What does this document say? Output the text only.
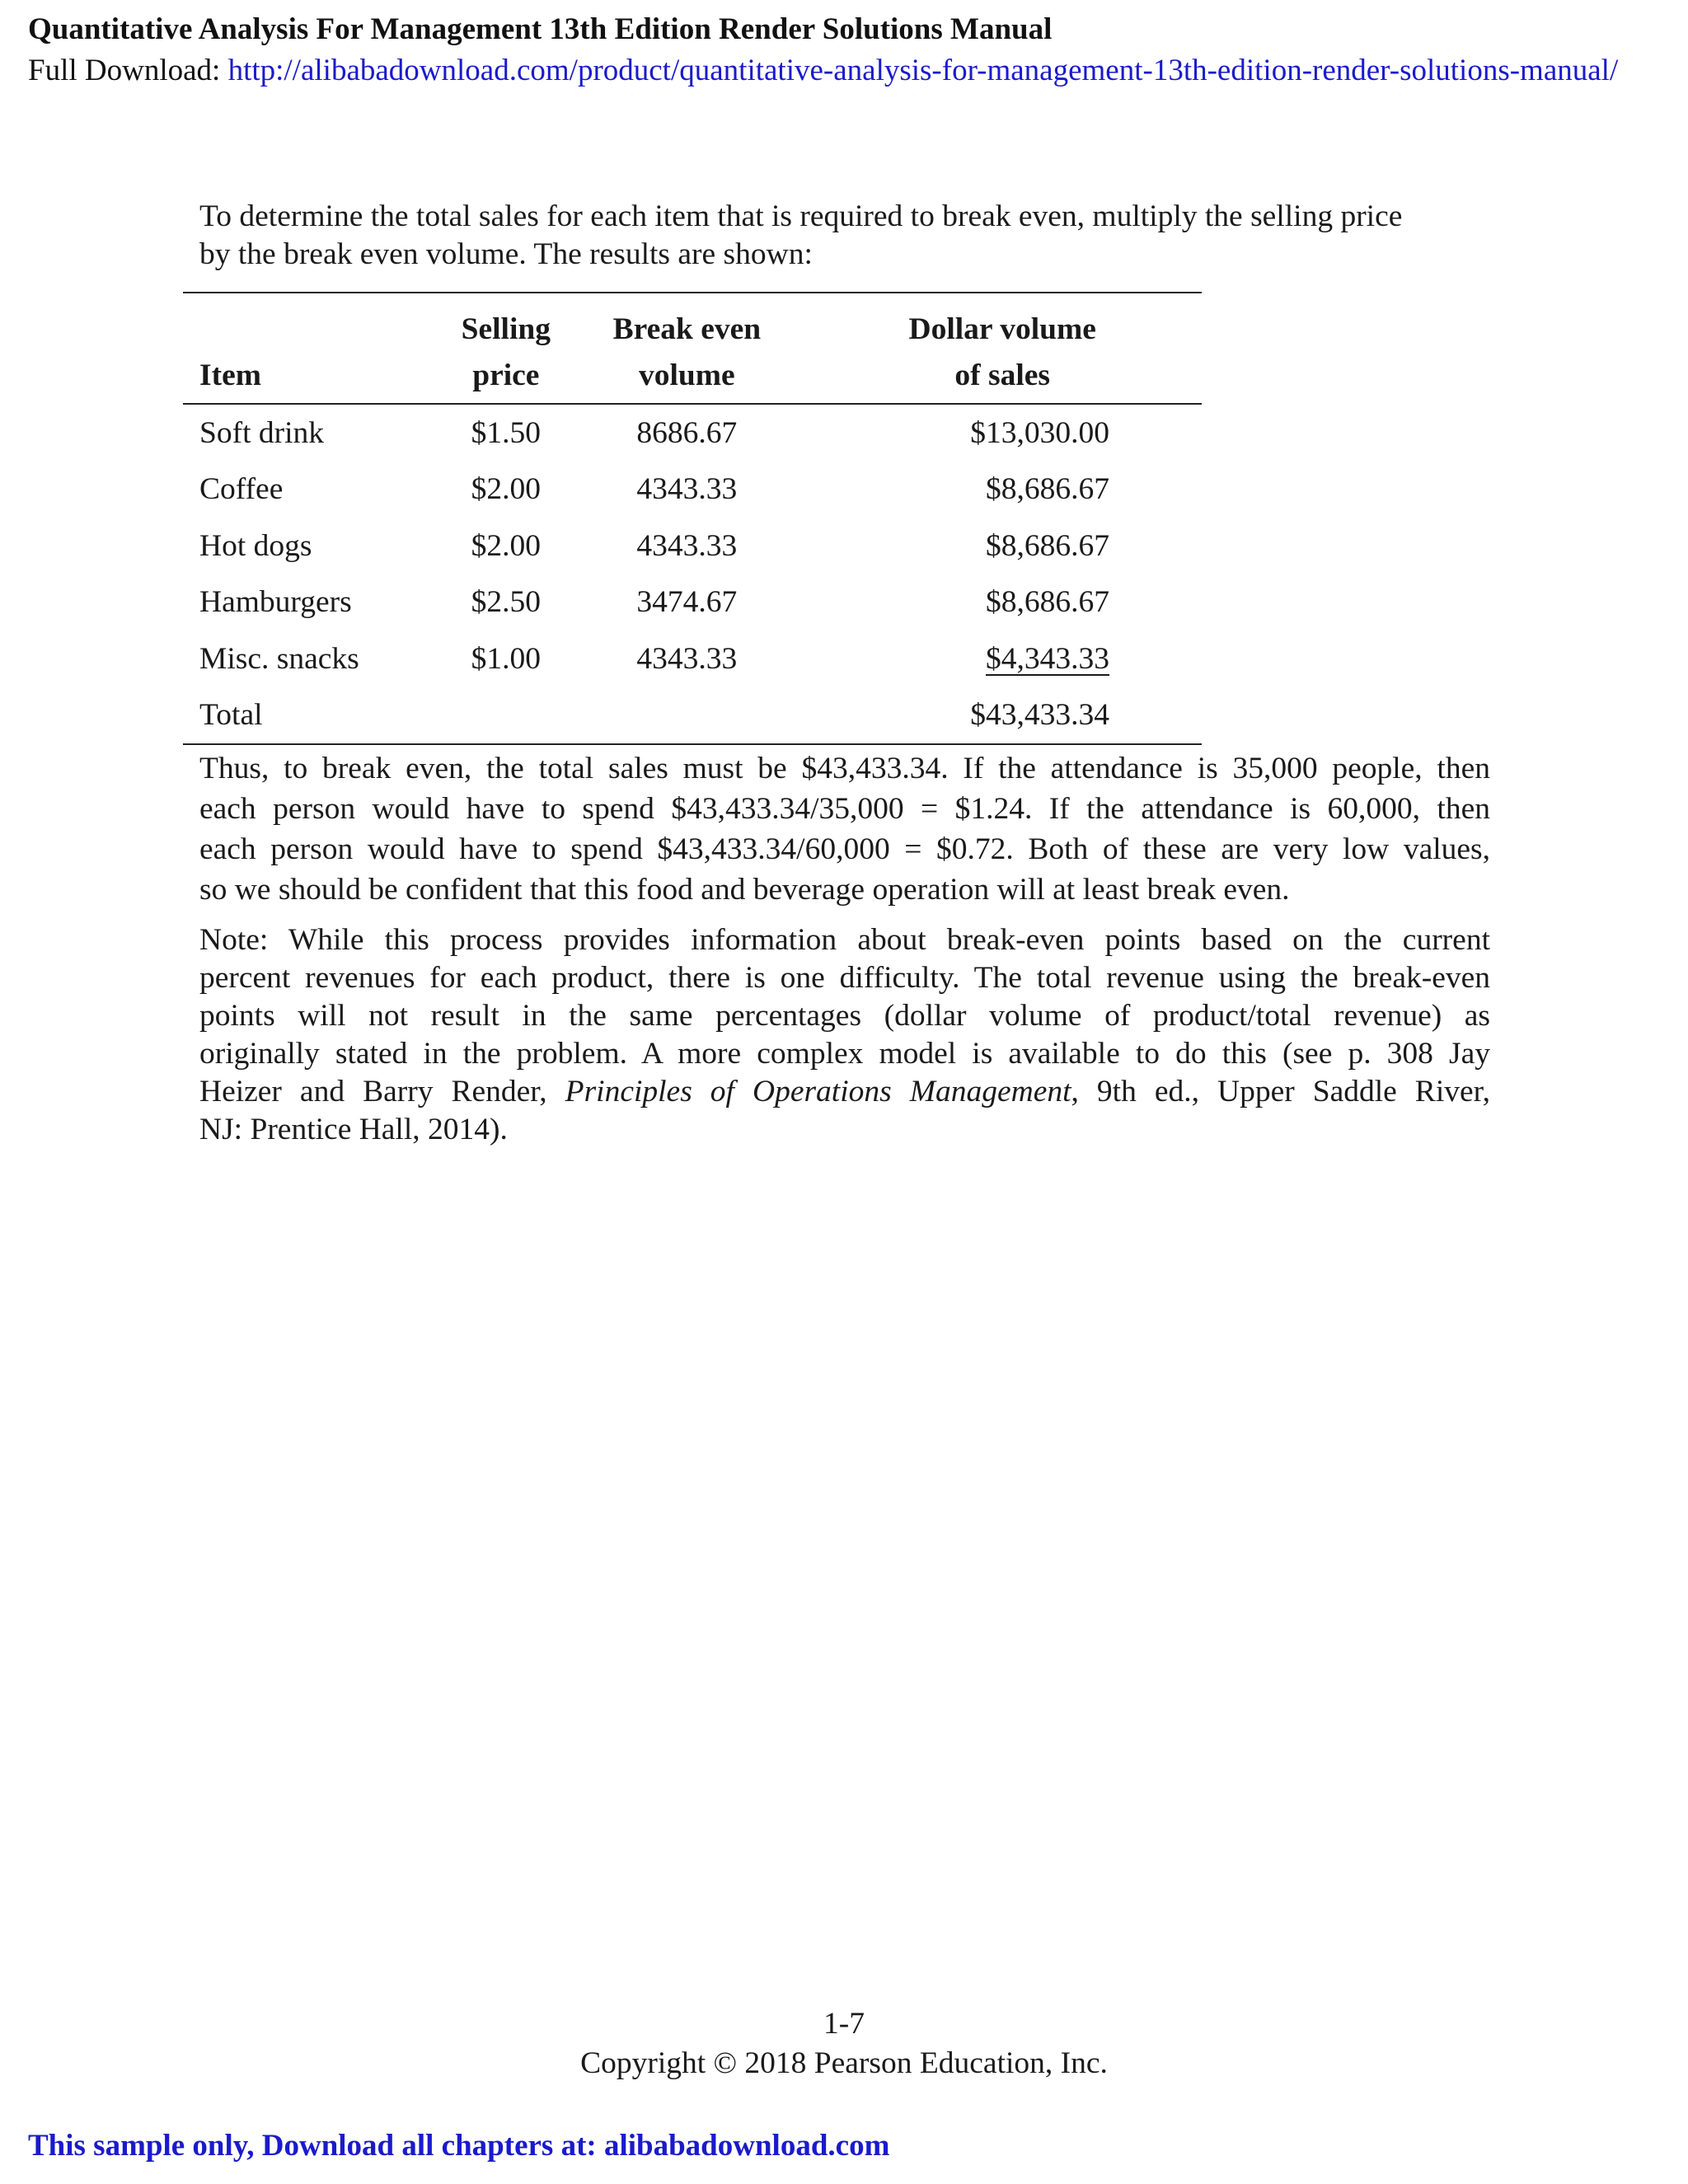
Quantitative Analysis For Management 13th Edition Render Solutions Manual
Full Download: http://alibabadownload.com/product/quantitative-analysis-for-management-13th-edition-render-solutions-manual/
To determine the total sales for each item that is required to break even, multiply the selling price
by the break even volume. The results are shown:
	Selling	Break even	Dollar volume
Item	price	volume	of sales
Soft drink	$1.50	8686.67	$13,030.00
Coffee	$2.00	4343.33	$8,686.67
Hot dogs	$2.00	4343.33	$8,686.67
Hamburgers	$2.50	3474.67	$8,686.67
Misc. snacks	$1.00	4343.33	$4,343.33
Total			$43,433.34
Thus, to break even, the total sales must be $43,433.34. If the attendance is 35,000 people, then
each person would have to spend $43,433.34/35,000 = $1.24. If the attendance is 60,000, then
each person would have to spend $43,433.34/60,000 = $0.72. Both of these are very low values,
so we should be confident that this food and beverage operation will at least break even.
Note: While this process provides information about break-even points based on the current
percent revenues for each product, there is one difficulty. The total revenue using the break-even
points will not result in the same percentages (dollar volume of product/total revenue) as
originally stated in the problem. A more complex model is available to do this (see p. 308 Jay
Heizer and Barry Render, Principles of Operations Management, 9th ed., Upper Saddle River,
NJ: Prentice Hall, 2014).
1-7
Copyright © 2018 Pearson Education, Inc.
This sample only, Download all chapters at: alibabadownload.com
